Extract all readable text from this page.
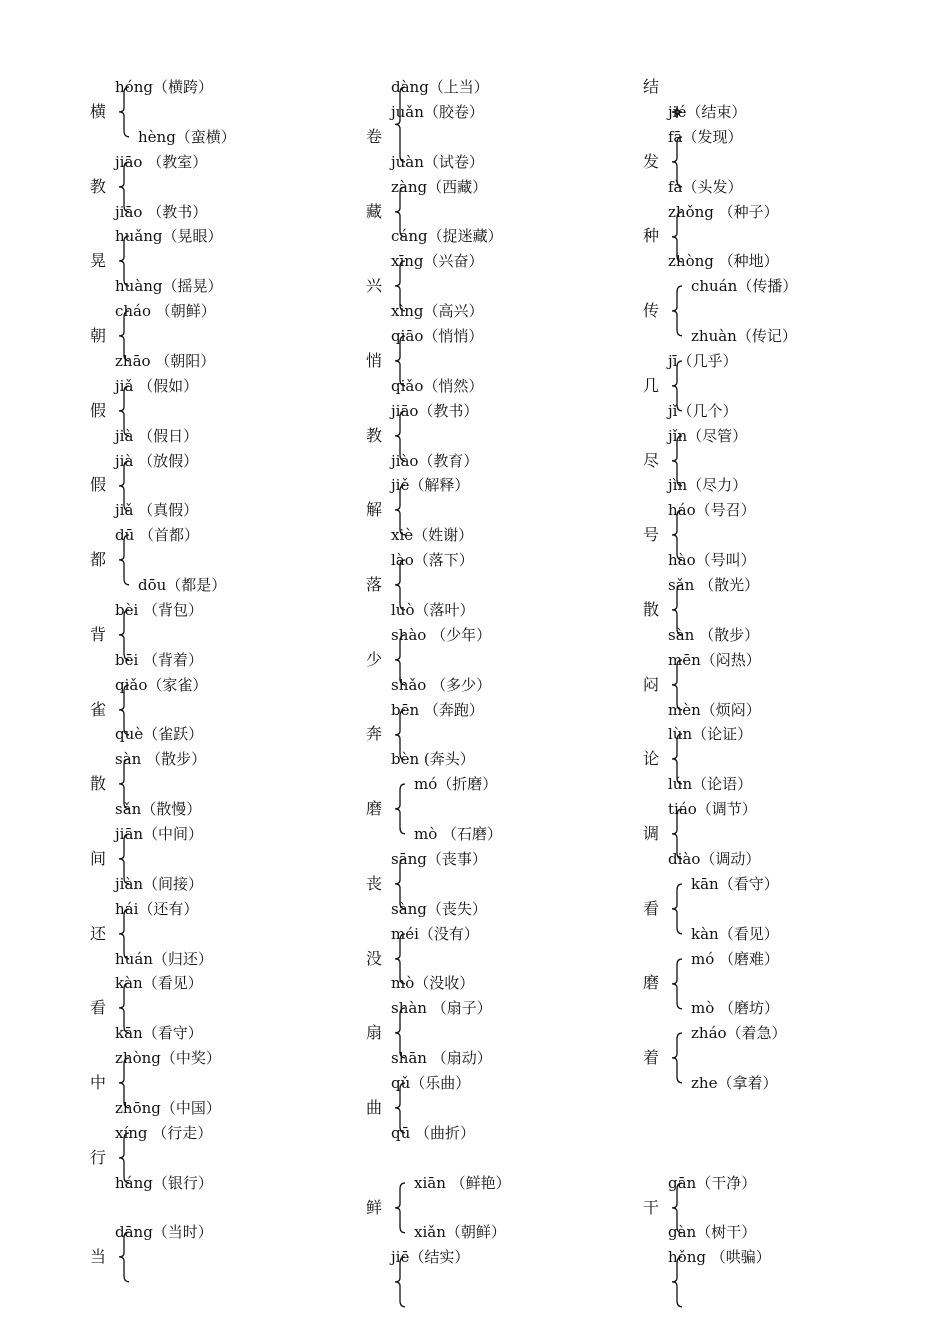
横
hóng（横跨）
hèng（蛮横）
教
jiāo （教室）
jiāo （教书）
晃
huǎng（晃眼）
huàng（摇晃）
朝
cháo （朝鲜）
zhāo （朝阳）
假
jiǎ （假如）
jià （假日）
假
jià （放假）
jiǎ （真假）
都
dū （首都）
dōu（都是）
背
bèi （背包）
bēi （背着）
雀
qiǎo（家雀）
què（雀跃）
散
sàn （散步）
sǎn（散慢）
间
jiān（中间）
jiàn（间接）
还
hái（还有）
huán（归还）
看
kàn（看见）
kān（看守）
中
zhòng（中奖）
zhōng（中国）
行
xíng （行走）
háng（银行）
当
dāng（当时）
卷
dàng（上当）
juǎn（胶卷）
juàn（试卷）
藏
zàng（西藏）
cáng（捉迷藏）
兴
xīng（兴奋）
xìng（高兴）
悄
qiāo（悄悄）
qiǎo（悄然）
教
jiāo（教书）
jiào（教育）
解
jiě（解释）
xiè（姓谢）
落
lào（落下）
luò（落叶）
少
shào （少年）
shǎo （多少）
奔
bēn （奔跑）
bèn (奔头）
磨
mó（折磨）
mò （石磨）
丧
sāng（丧事）
sàng（丧失）
没
méi（没有）
mò（没收）
扇
shàn （扇子）
shān （扇动）
曲
qǔ（乐曲）
qū （曲折）
鲜
xiān （鲜艳）
xiǎn（朝鲜）
jiē（结实）
结
jié（结束）
发
fā（发现）
fà（头发）
种
zhǒng （种子）
zhòng （种地）
传
chuán（传播）
zhuàn（传记）
几
jī（几乎）
jǐ（几个）
尽
jǐn（尽管）
jìn（尽力）
号
háo（号召）
hào（号叫）
散
sǎn （散光）
sàn （散步）
闷
mēn（闷热）
mèn（烦闷）
论
lùn（论证）
lún（论语）
调
tiáo（调节）
diào（调动）
看
kān（看守）
kàn（看见）
磨
mó （磨难）
mò （磨坊）
着
zháo（着急）
zhe（拿着）
干
gān（干净）
gàn（树干）
hǒng （哄骗）
